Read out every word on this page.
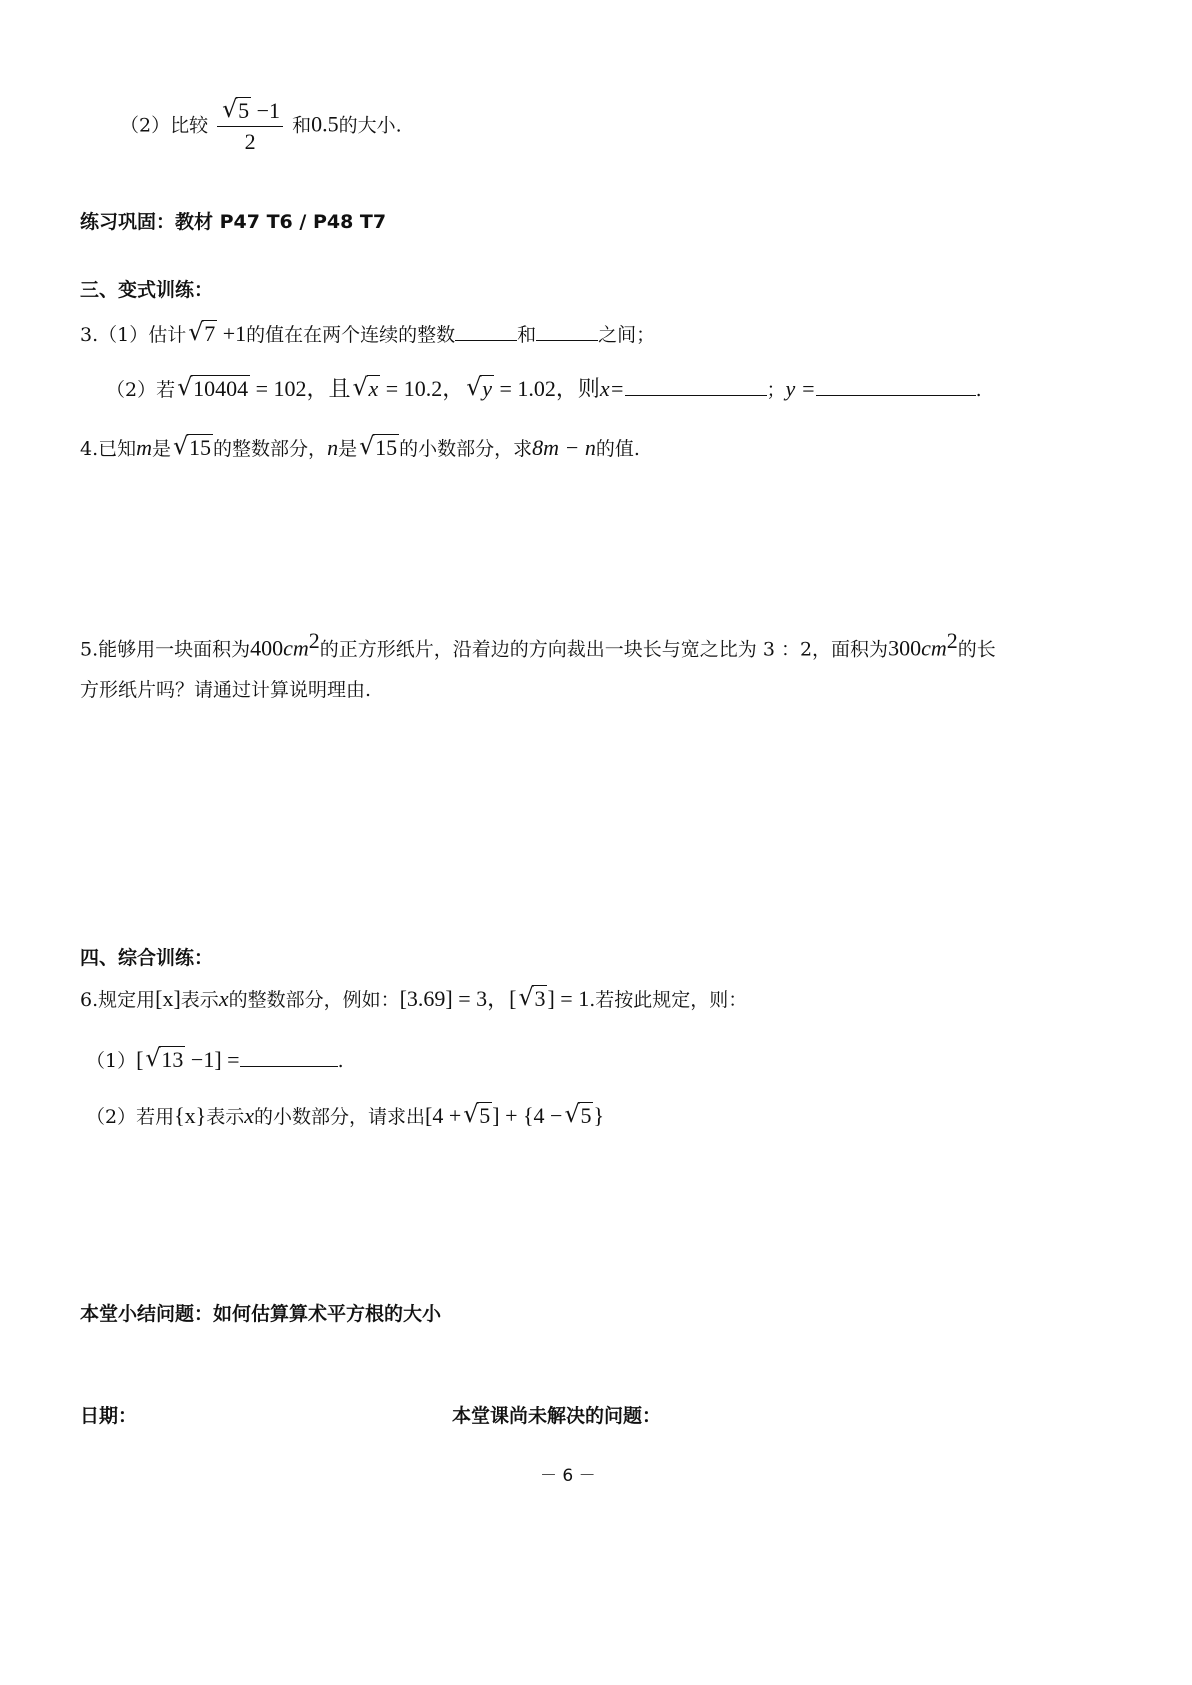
（2）比较 √ $\frac{5 -1}{2}$ 和0.5的大小.
练习巩固：教材 P47 T6 / P48 T7
三、变式训练：
3.（1）估计 √ 7 +1的值在在两个连续的整数	和	之间；
（2）若 √ 10404 = 102，且 √ x = 10.2， √ y = 1.02，则x=	；y =	.
4.已知m是 √ 15 的整数部分，n是 √ 15 的小数部分，求8m − n的值.
5.能够用一块面积为$400cm^2$的正方形纸片，沿着边的方向裁出一块长与宽之比为 3 ：2，面积为$300cm^2$的长
方形纸片吗？请通过计算说明理由.
四、综合训练：
6.规定用[x]表示x的整数部分，例如：[3.69] = 3，[ √ 3] = 1.若按此规定，则：
（1）[ √ 13 −1] =	.
（2）若用{x}表示x的小数部分，请求出[4 + √ 5] + {4 − √ 5}
本堂小结问题：如何估算算术平方根的大小
日期：	本堂课尚未解决的问题：
－ 6 －
